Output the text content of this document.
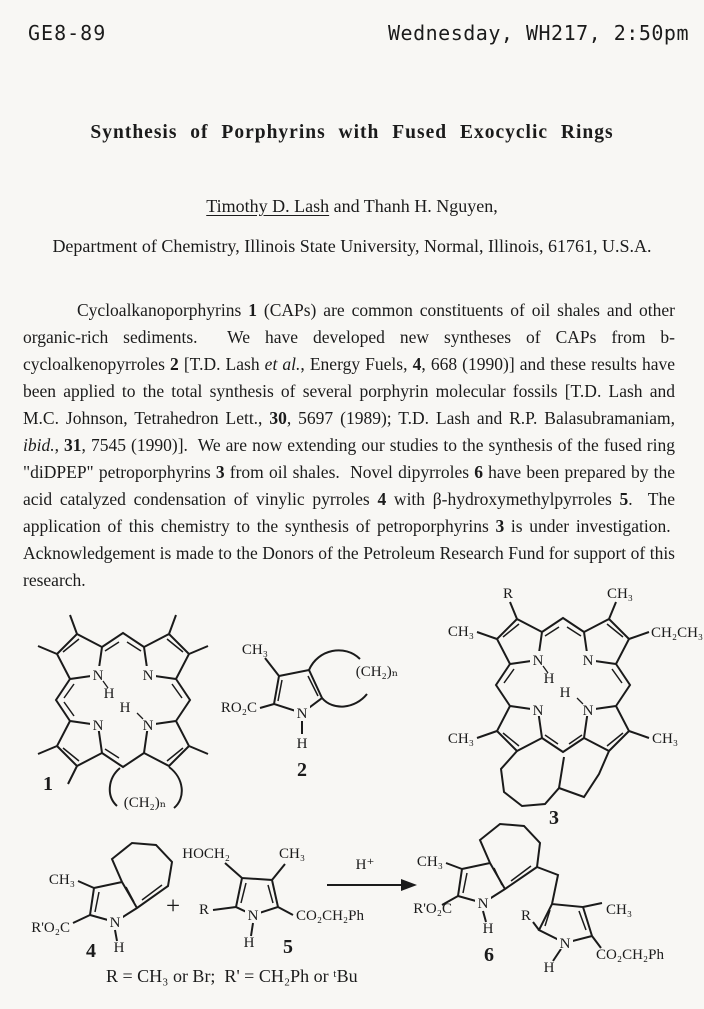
GE8-89	Wednesday, WH217, 2:50pm
Synthesis of Porphyrins with Fused Exocyclic Rings

Timothy D. Lash and Thanh H. Nguyen,

Department of Chemistry, Illinois State University, Normal, Illinois, 61761, U.S.A.

Cycloalkanoporphyrins 1 (CAPs) are common constituents of oil shales and other organic-rich sediments.  We have developed new syntheses of CAPs from b-cycloalkenopyrroles 2 [T.D. Lash et al., Energy Fuels, 4, 668 (1990)] and these results have been applied to the total synthesis of several porphyrin molecular fossils [T.D. Lash and M.C. Johnson, Tetrahedron Lett., 30, 5697 (1989); T.D. Lash and R.P. Balasubramaniam, ibid., 31, 7545 (1990)].  We are now extending our studies to the synthesis of the fused ring "diDPEP" petroporphyrins 3 from oil shales.  Novel dipyrroles 6 have been prepared by the acid catalyzed condensation of vinylic pyrroles 4 with β-hydroxymethylpyrroles 5.  The application of this chemistry to the synthesis of petroporphyrins 3 is under investigation.  Acknowledgement is made to the Donors of the Petroleum Research Fund for support of this research.

N	N
N	N
H
H
(CH₂)ₙ
1
N
H
CH₃
RO₂C
(CH₂)ₙ
2
N	N
N	N
H
H
R	CH₃
CH₂CH₃
CH₃
CH₃	CH₃
3
N
H
CH₃
R'O₂C
4
+	N
H
HOCH₂	CH₃
R	CO₂CH₂Ph
5
H⁺
N
H
N
H
CH₃
R'O₂C	R	CH₃
CO₂CH₂Ph
6
R = CH₃ or Br;  R' = CH₂Ph or ᵗBu
